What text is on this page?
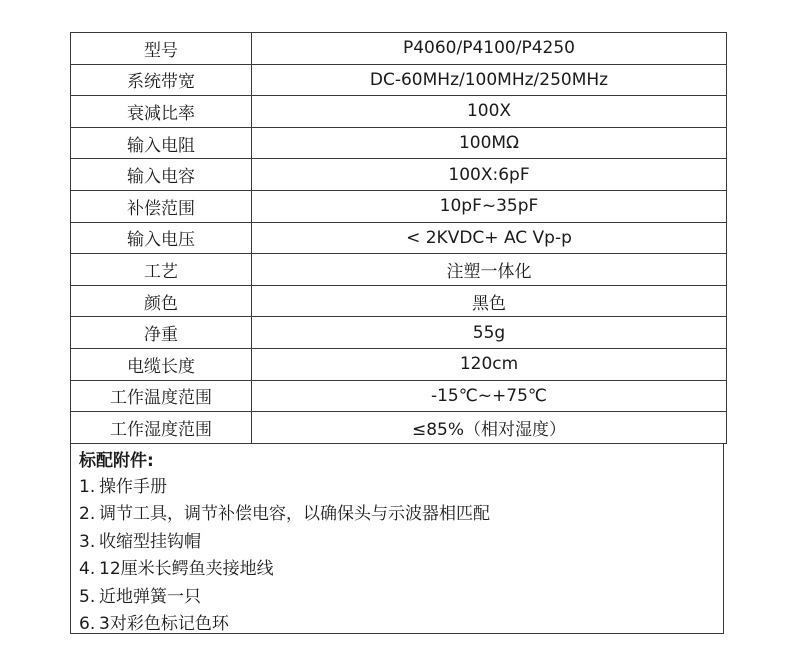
型号	P4060/P4100/P4250
系统带宽	DC-60MHz/100MHz/250MHz
衰减比率	100X
输入电阻	100MΩ
输入电容	100X:6pF
补偿范围	10pF~35pF
输入电压	< 2KVDC+ AC Vp-p
工艺	注塑一体化
颜色	黑色
净重	55g
电缆长度	120cm
工作温度范围	-15℃~+75℃
工作湿度范围	≤85%（相对湿度）
标配附件:
1. 操作手册
2. 调节工具，调节补偿电容，以确保头与示波器相匹配
3. 收缩型挂钩帽
4. 12厘米长鳄鱼夹接地线
5. 近地弹簧一只
6. 3对彩色标记色环
